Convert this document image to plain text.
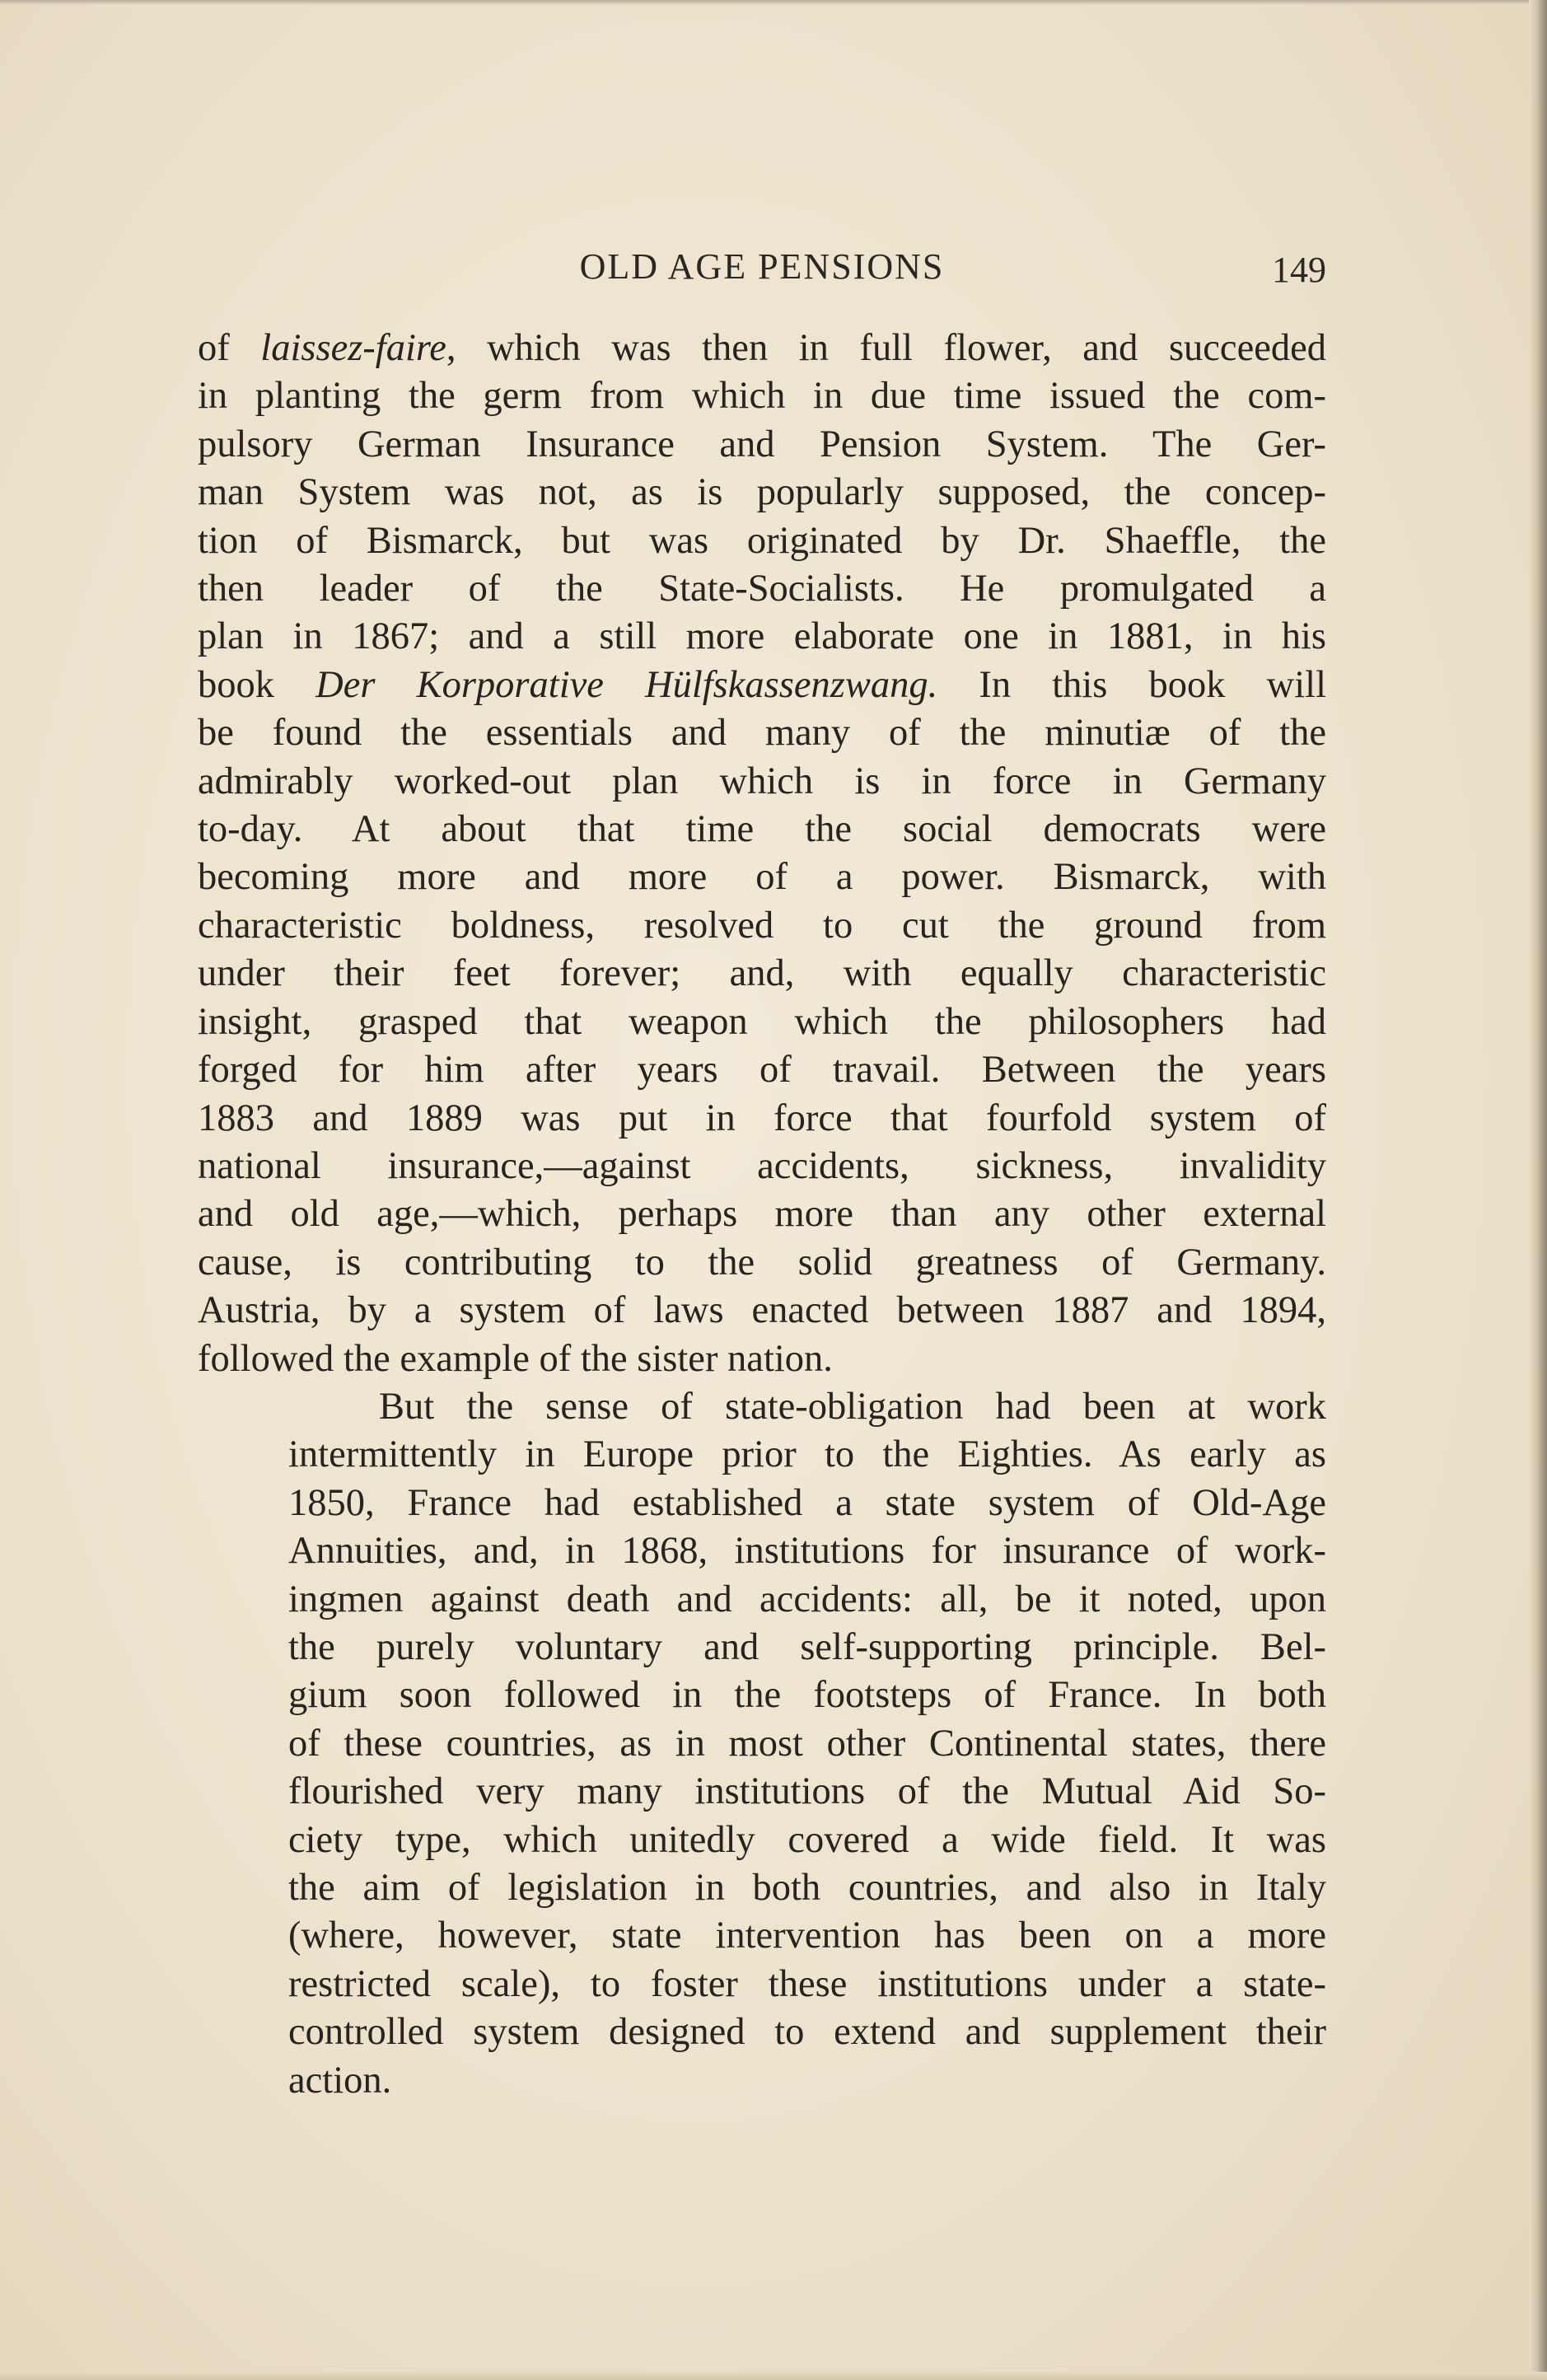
OLD AGE PENSIONS	149
of laissez-faire, which was then in full flower, and succeeded
in planting the germ from which in due time issued the com-
pulsory German Insurance and Pension System. The Ger-
man System was not, as is popularly supposed, the concep-
tion of Bismarck, but was originated by Dr. Shaeffle, the
then leader of the State-Socialists. He promulgated a
plan in 1867; and a still more elaborate one in 1881, in his
book Der Korporative Hülfskassenzwang. In this book will
be found the essentials and many of the minutiæ of the
admirably worked-out plan which is in force in Germany
to-day. At about that time the social democrats were
becoming more and more of a power. Bismarck, with
characteristic boldness, resolved to cut the ground from
under their feet forever; and, with equally characteristic
insight, grasped that weapon which the philosophers had
forged for him after years of travail. Between the years
1883 and 1889 was put in force that fourfold system of
national insurance,—against accidents, sickness, invalidity
and old age,—which, perhaps more than any other external
cause, is contributing to the solid greatness of Germany.
Austria, by a system of laws enacted between 1887 and 1894,
followed the example of the sister nation.
But the sense of state-obligation had been at work
intermittently in Europe prior to the Eighties. As early as
1850, France had established a state system of Old-Age
Annuities, and, in 1868, institutions for insurance of work-
ingmen against death and accidents: all, be it noted, upon
the purely voluntary and self-supporting principle. Bel-
gium soon followed in the footsteps of France. In both
of these countries, as in most other Continental states, there
flourished very many institutions of the Mutual Aid So-
ciety type, which unitedly covered a wide field. It was
the aim of legislation in both countries, and also in Italy
(where, however, state intervention has been on a more
restricted scale), to foster these institutions under a state-
controlled system designed to extend and supplement their
action.
